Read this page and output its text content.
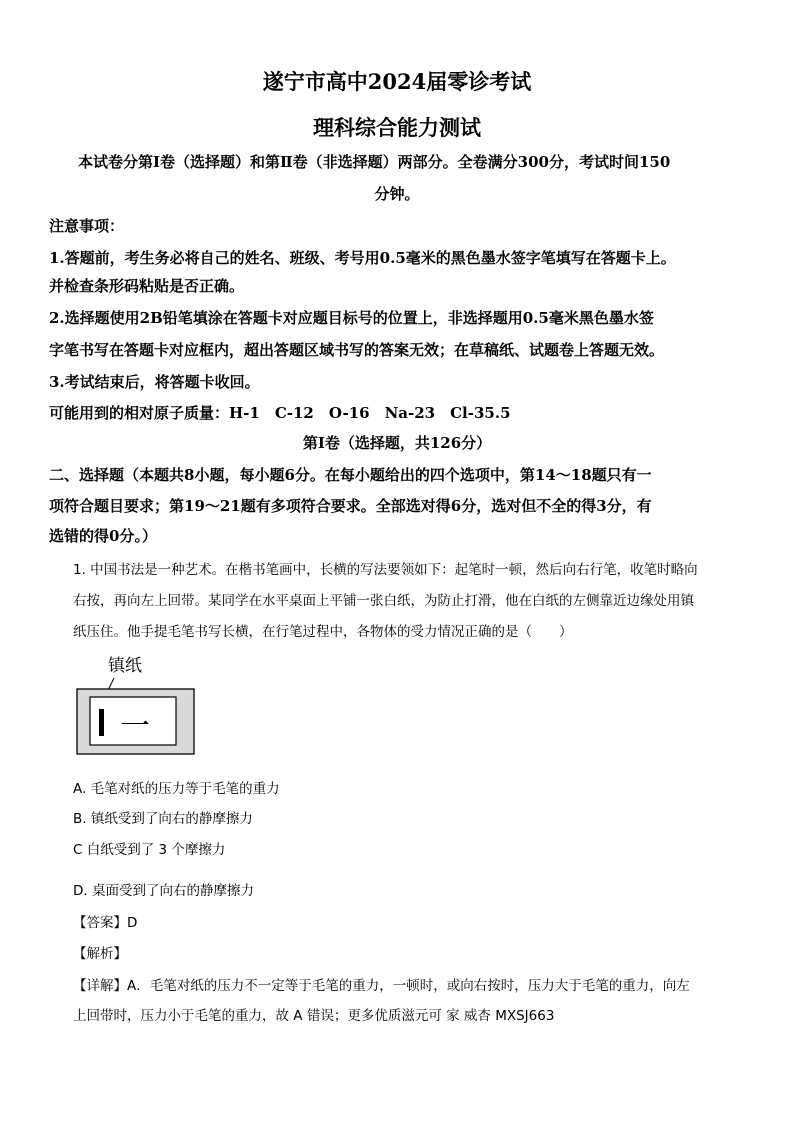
遂宁市高中2024届零诊考试
理科综合能力测试
本试卷分第Ⅰ卷（选择题）和第Ⅱ卷（非选择题）两部分。全卷满分300分，考试时间150
分钟。
注意事项：
1.答题前，考生务必将自己的姓名、班级、考号用0.5毫米的黑色墨水签字笔填写在答题卡上。
并检查条形码粘贴是否正确。
2.选择题使用2B铅笔填涂在答题卡对应题目标号的位置上，非选择题用0.5毫米黑色墨水签
字笔书写在答题卡对应框内，超出答题区域书写的答案无效；在草稿纸、试题卷上答题无效。
3.考试结束后，将答题卡收回。
可能用到的相对原子质量：H-1　C-12　O-16　Na-23　Cl-35.5
第Ⅰ卷（选择题，共126分）
二、选择题（本题共8小题，每小题6分。在每小题给出的四个选项中，第14～18题只有一
项符合题目要求；第19～21题有多项符合要求。全部选对得6分，选对但不全的得3分，有
选错的得0分。）
1. 中国书法是一种艺术。在楷书笔画中，长横的写法要领如下：起笔时一顿，然后向右行笔，收笔时略向
右按，再向左上回带。某同学在水平桌面上平铺一张白纸，为防止打滑，他在白纸的左侧靠近边缘处用镇
纸压住。他手提毛笔书写长横，在行笔过程中，各物体的受力情况正确的是（　　）
镇纸
一
A. 毛笔对纸的压力等于毛笔的重力
B. 镇纸受到了向右的静摩擦力
C 白纸受到了 3 个摩擦力
D. 桌面受到了向右的静摩擦力
【答案】D
【解析】
【详解】A．毛笔对纸的压力不一定等于毛笔的重力，一顿时，或向右按时，压力大于毛笔的重力，向左
上回带时，压力小于毛笔的重力，故 A 错误；更多优质滋元可 家 威杏 MXSJ663
